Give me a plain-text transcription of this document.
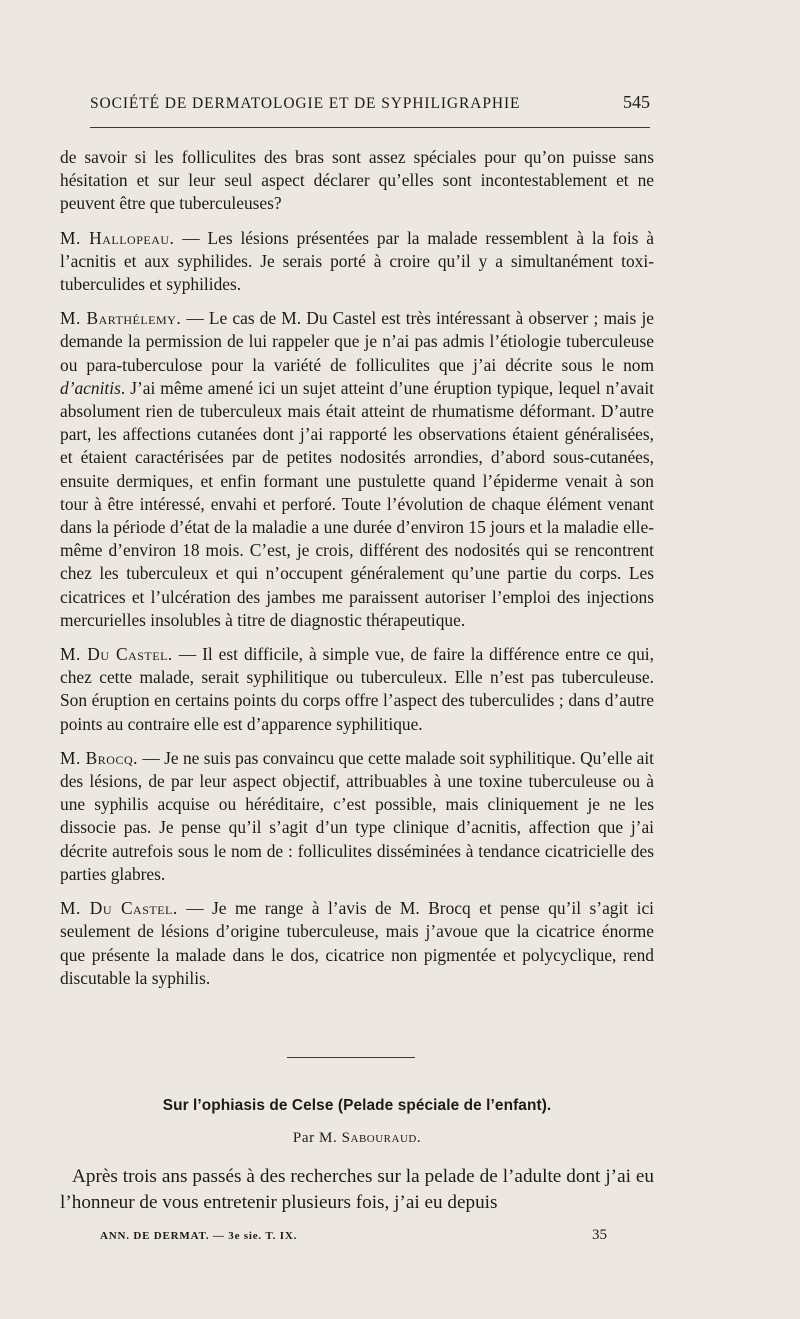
SOCIÉTÉ DE DERMATOLOGIE ET DE SYPHILIGRAPHIE	545

de savoir si les folliculites des bras sont assez spéciales pour qu’on puisse sans hésitation et sur leur seul aspect déclarer qu’elles sont incontestablement et ne peuvent être que tuberculeuses?

M. Hallopeau. — Les lésions présentées par la malade ressemblent à la fois à l’acnitis et aux syphilides. Je serais porté à croire qu’il y a simultanément toxi-tuberculides et syphilides.

M. Barthélemy. — Le cas de M. Du Castel est très intéressant à observer ; mais je demande la permission de lui rappeler que je n’ai pas admis l’étiologie tuberculeuse ou para-tuberculose pour la variété de folliculites que j’ai décrite sous le nom d’acnitis. J’ai même amené ici un sujet atteint d’une éruption typique, lequel n’avait absolument rien de tuberculeux mais était atteint de rhumatisme déformant. D’autre part, les affections cutanées dont j’ai rapporté les observations étaient généralisées, et étaient caractérisées par de petites nodosités arrondies, d’abord sous-cutanées, ensuite dermiques, et enfin formant une pustulette quand l’épiderme venait à son tour à être intéressé, envahi et perforé. Toute l’évolution de chaque élément venant dans la période d’état de la maladie a une durée d’environ 15 jours et la maladie elle-même d’environ 18 mois. C’est, je crois, différent des nodosités qui se rencontrent chez les tuberculeux et qui n’occupent généralement qu’une partie du corps. Les cicatrices et l’ulcération des jambes me paraissent autoriser l’emploi des injections mercurielles insolubles à titre de diagnostic thérapeutique.

M. Du Castel. — Il est difficile, à simple vue, de faire la différence entre ce qui, chez cette malade, serait syphilitique ou tuberculeux. Elle n’est pas tuberculeuse. Son éruption en certains points du corps offre l’aspect des tuberculides ; dans d’autre points au contraire elle est d’apparence syphilitique.

M. Brocq. — Je ne suis pas convaincu que cette malade soit syphilitique. Qu’elle ait des lésions, de par leur aspect objectif, attribuables à une toxine tuberculeuse ou à une syphilis acquise ou héréditaire, c’est possible, mais cliniquement je ne les dissocie pas. Je pense qu’il s’agit d’un type clinique d’acnitis, affection que j’ai décrite autrefois sous le nom de : folliculites disséminées à tendance cicatricielle des parties glabres.

M. Du Castel. — Je me range à l’avis de M. Brocq et pense qu’il s’agit ici seulement de lésions d’origine tuberculeuse, mais j’avoue que la cicatrice énorme que présente la malade dans le dos, cicatrice non pigmentée et polycyclique, rend discutable la syphilis.

Sur l’ophiasis de Celse (Pelade spéciale de l’enfant).
Par M. Sabouraud.

Après trois ans passés à des recherches sur la pelade de l’adulte dont j’ai eu l’honneur de vous entretenir plusieurs fois, j’ai eu depuis

ANN. DE DERMAT. — 3e sie. T. IX.	35
